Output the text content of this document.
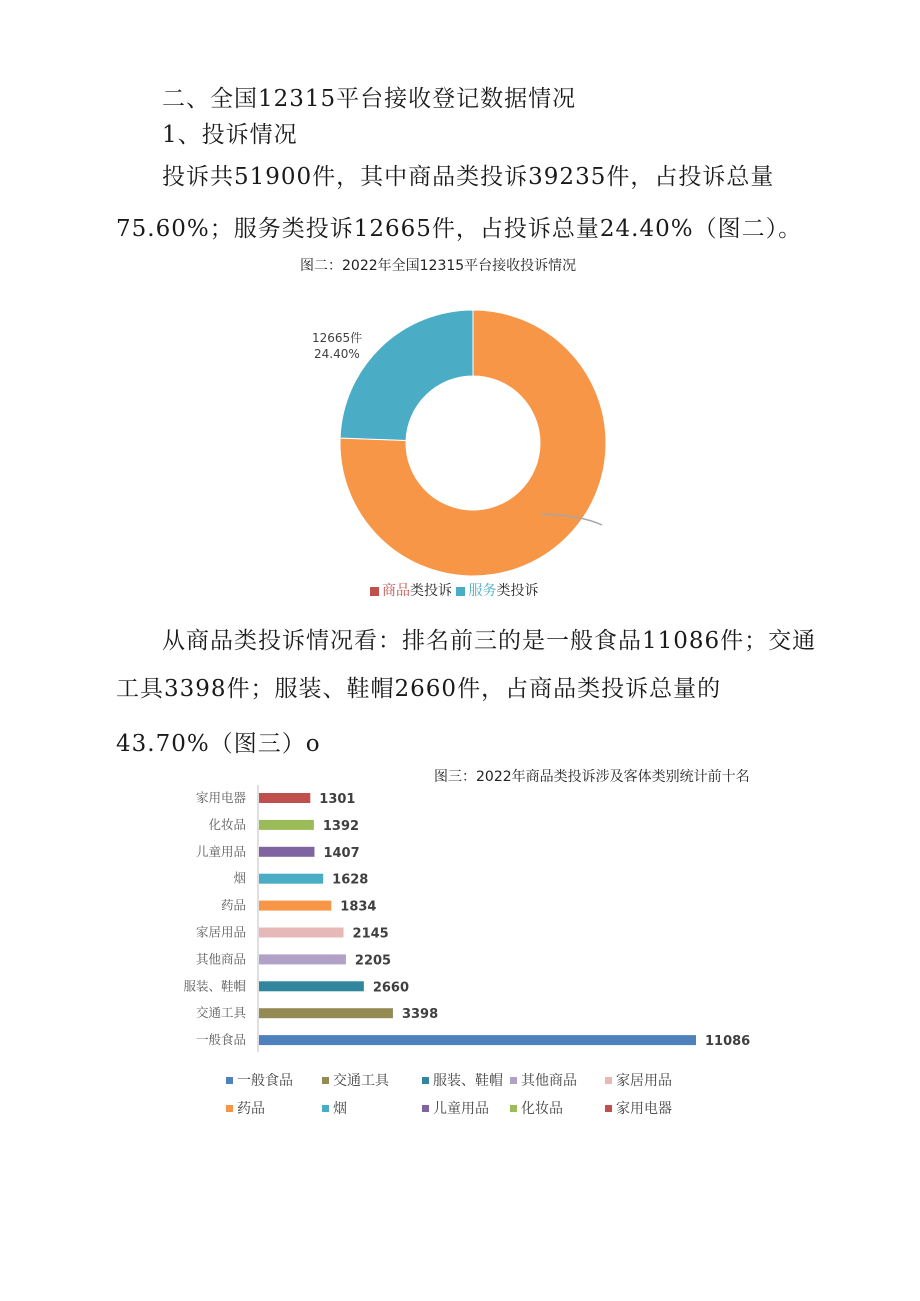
二、全国12315平台接收登记数据情况
1、投诉情况
投诉共51900件，其中商品类投诉39235件，占投诉总量
75.60%；服务类投诉12665件，占投诉总量24.40%（图二）。
图二：2022年全国12315平台接收投诉情况
12665件
24.40%
商品类投诉 服务类投诉
从商品类投诉情况看：排名前三的是一般食品11086件；交通
工具3398件；服装、鞋帽2660件，占商品类投诉总量的
43.70%（图三）o
图三：2022年商品类投诉涉及客体类别统计前十名
家用电器	1301
化妆品	1392
儿童用品	1407
烟	1628
药品	1834
家居用品	2145
其他商品	2205
服装、鞋帽	2660
交通工具	3398
一般食品	11086
一般食品	交通工具	服装、鞋帽 其他商品	家居用品
药品	烟	儿童用品 化妆品	家用电器
